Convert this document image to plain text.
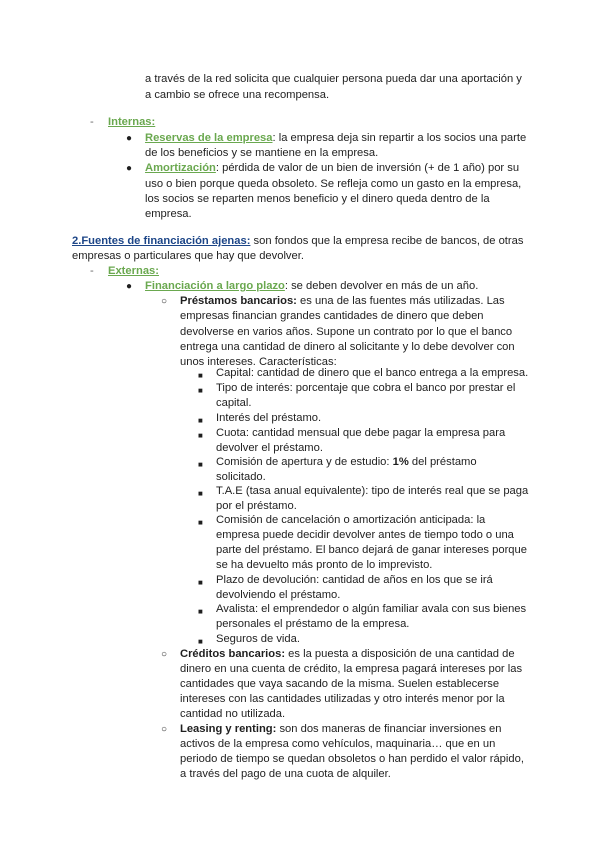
a través de la red solicita que cualquier persona pueda dar una aportación y
a cambio se ofrece una recompensa.
- Internas:
● Reservas de la empresa: la empresa deja sin repartir a los socios una parte
de los beneficios y se mantiene en la empresa.
● Amortización: pérdida de valor de un bien de inversión (+ de 1 año) por su
uso o bien porque queda obsoleto. Se refleja como un gasto en la empresa,
los socios se reparten menos beneficio y el dinero queda dentro de la
empresa.
2.Fuentes de financiación ajenas: son fondos que la empresa recibe de bancos, de otras
empresas o particulares que hay que devolver.
- Externas:
● Financiación a largo plazo: se deben devolver en más de un año.
○ Préstamos bancarios: es una de las fuentes más utilizadas. Las
empresas financian grandes cantidades de dinero que deben
devolverse en varios años. Supone un contrato por lo que el banco
entrega una cantidad de dinero al solicitante y lo debe devolver con
unos intereses. Características:
■ Capital: cantidad de dinero que el banco entrega a la empresa.
■ Tipo de interés: porcentaje que cobra el banco por prestar el
capital.
■ Interés del préstamo.
■ Cuota: cantidad mensual que debe pagar la empresa para
devolver el préstamo.
■ Comisión de apertura y de estudio: 1% del préstamo
solicitado.
■ T.A.E (tasa anual equivalente): tipo de interés real que se paga
por el préstamo.
■ Comisión de cancelación o amortización anticipada: la
empresa puede decidir devolver antes de tiempo todo o una
parte del préstamo. El banco dejará de ganar intereses porque
se ha devuelto más pronto de lo imprevisto.
■ Plazo de devolución: cantidad de años en los que se irá
devolviendo el préstamo.
■ Avalista: el emprendedor o algún familiar avala con sus bienes
personales el préstamo de la empresa.
■ Seguros de vida.
○ Créditos bancarios: es la puesta a disposición de una cantidad de
dinero en una cuenta de crédito, la empresa pagará intereses por las
cantidades que vaya sacando de la misma. Suelen establecerse
intereses con las cantidades utilizadas y otro interés menor por la
cantidad no utilizada.
○ Leasing y renting: son dos maneras de financiar inversiones en
activos de la empresa como vehículos, maquinaria… que en un
periodo de tiempo se quedan obsoletos o han perdido el valor rápido,
a través del pago de una cuota de alquiler.
